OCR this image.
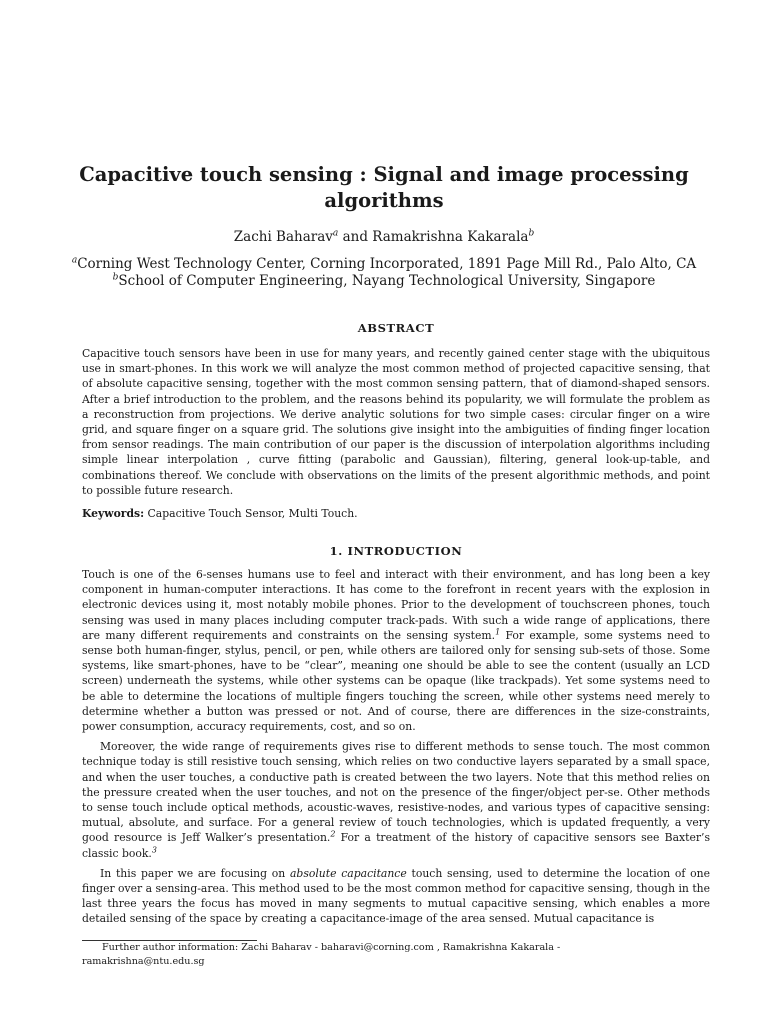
Capacitive touch sensing : Signal and image processing
algorithms
Zachi Baharav$^a$ and Ramakrishna Kakarala$^b$
$^a$Corning West Technology Center, Corning Incorporated, 1891 Page Mill Rd., Palo Alto, CA
$^b$School of Computer Engineering, Nayang Technological University, Singapore
ABSTRACT

Capacitive touch sensors have been in use for many years, and recently gained center stage with the ubiquitous use in smart-phones. In this work we will analyze the most common method of projected capacitive sensing, that of absolute capacitive sensing, together with the most common sensing pattern, that of diamond-shaped sensors. After a brief introduction to the problem, and the reasons behind its popularity, we will formulate the problem as a reconstruction from projections. We derive analytic solutions for two simple cases: circular finger on a wire grid, and square finger on a square grid. The solutions give insight into the ambiguities of finding finger location from sensor readings. The main contribution of our paper is the discussion of interpolation algorithms including simple linear interpolation , curve fitting (parabolic and Gaussian), filtering, general look-up-table, and combinations thereof. We conclude with observations on the limits of the present algorithmic methods, and point to possible future research.

Keywords: Capacitive Touch Sensor, Multi Touch.
1. INTRODUCTION

Touch is one of the 6-senses humans use to feel and interact with their environment, and has long been a key component in human-computer interactions. It has come to the forefront in recent years with the explosion in electronic devices using it, most notably mobile phones. Prior to the development of touchscreen phones, touch sensing was used in many places including computer track-pads. With such a wide range of applications, there are many different requirements and constraints on the sensing system.$^1$ For example, some systems need to sense both human-finger, stylus, pencil, or pen, while others are tailored only for sensing sub-sets of those. Some systems, like smart-phones, have to be “clear”, meaning one should be able to see the content (usually an LCD screen) underneath the systems, while other systems can be opaque (like trackpads). Yet some systems need to be able to determine the locations of multiple fingers touching the screen, while other systems need merely to determine whether a button was pressed or not. And of course, there are differences in the size-constraints, power consumption, accuracy requirements, cost, and so on.

Moreover, the wide range of requirements gives rise to different methods to sense touch. The most common technique today is still resistive touch sensing, which relies on two conductive layers separated by a small space, and when the user touches, a conductive path is created between the two layers. Note that this method relies on the pressure created when the user touches, and not on the presence of the finger/object per-se. Other methods to sense touch include optical methods, acoustic-waves, resistive-nodes, and various types of capacitive sensing: mutual, absolute, and surface. For a general review of touch technologies, which is updated frequently, a very good resource is Jeff Walker’s presentation.$^2$ For a treatment of the history of capacitive sensors see Baxter’s classic book.$^3$

In this paper we are focusing on absolute capacitance touch sensing, used to determine the location of one finger over a sensing-area. This method used to be the most common method for capacitive sensing, though in the last three years the focus has moved in many segments to mutual capacitive sensing, which enables a more detailed sensing of the space by creating a capacitance-image of the area sensed. Mutual capacitance is

Further author information: Zachi Baharav - baharavi@corning.com , Ramakrishna Kakarala -
ramakrishna@ntu.edu.sg
